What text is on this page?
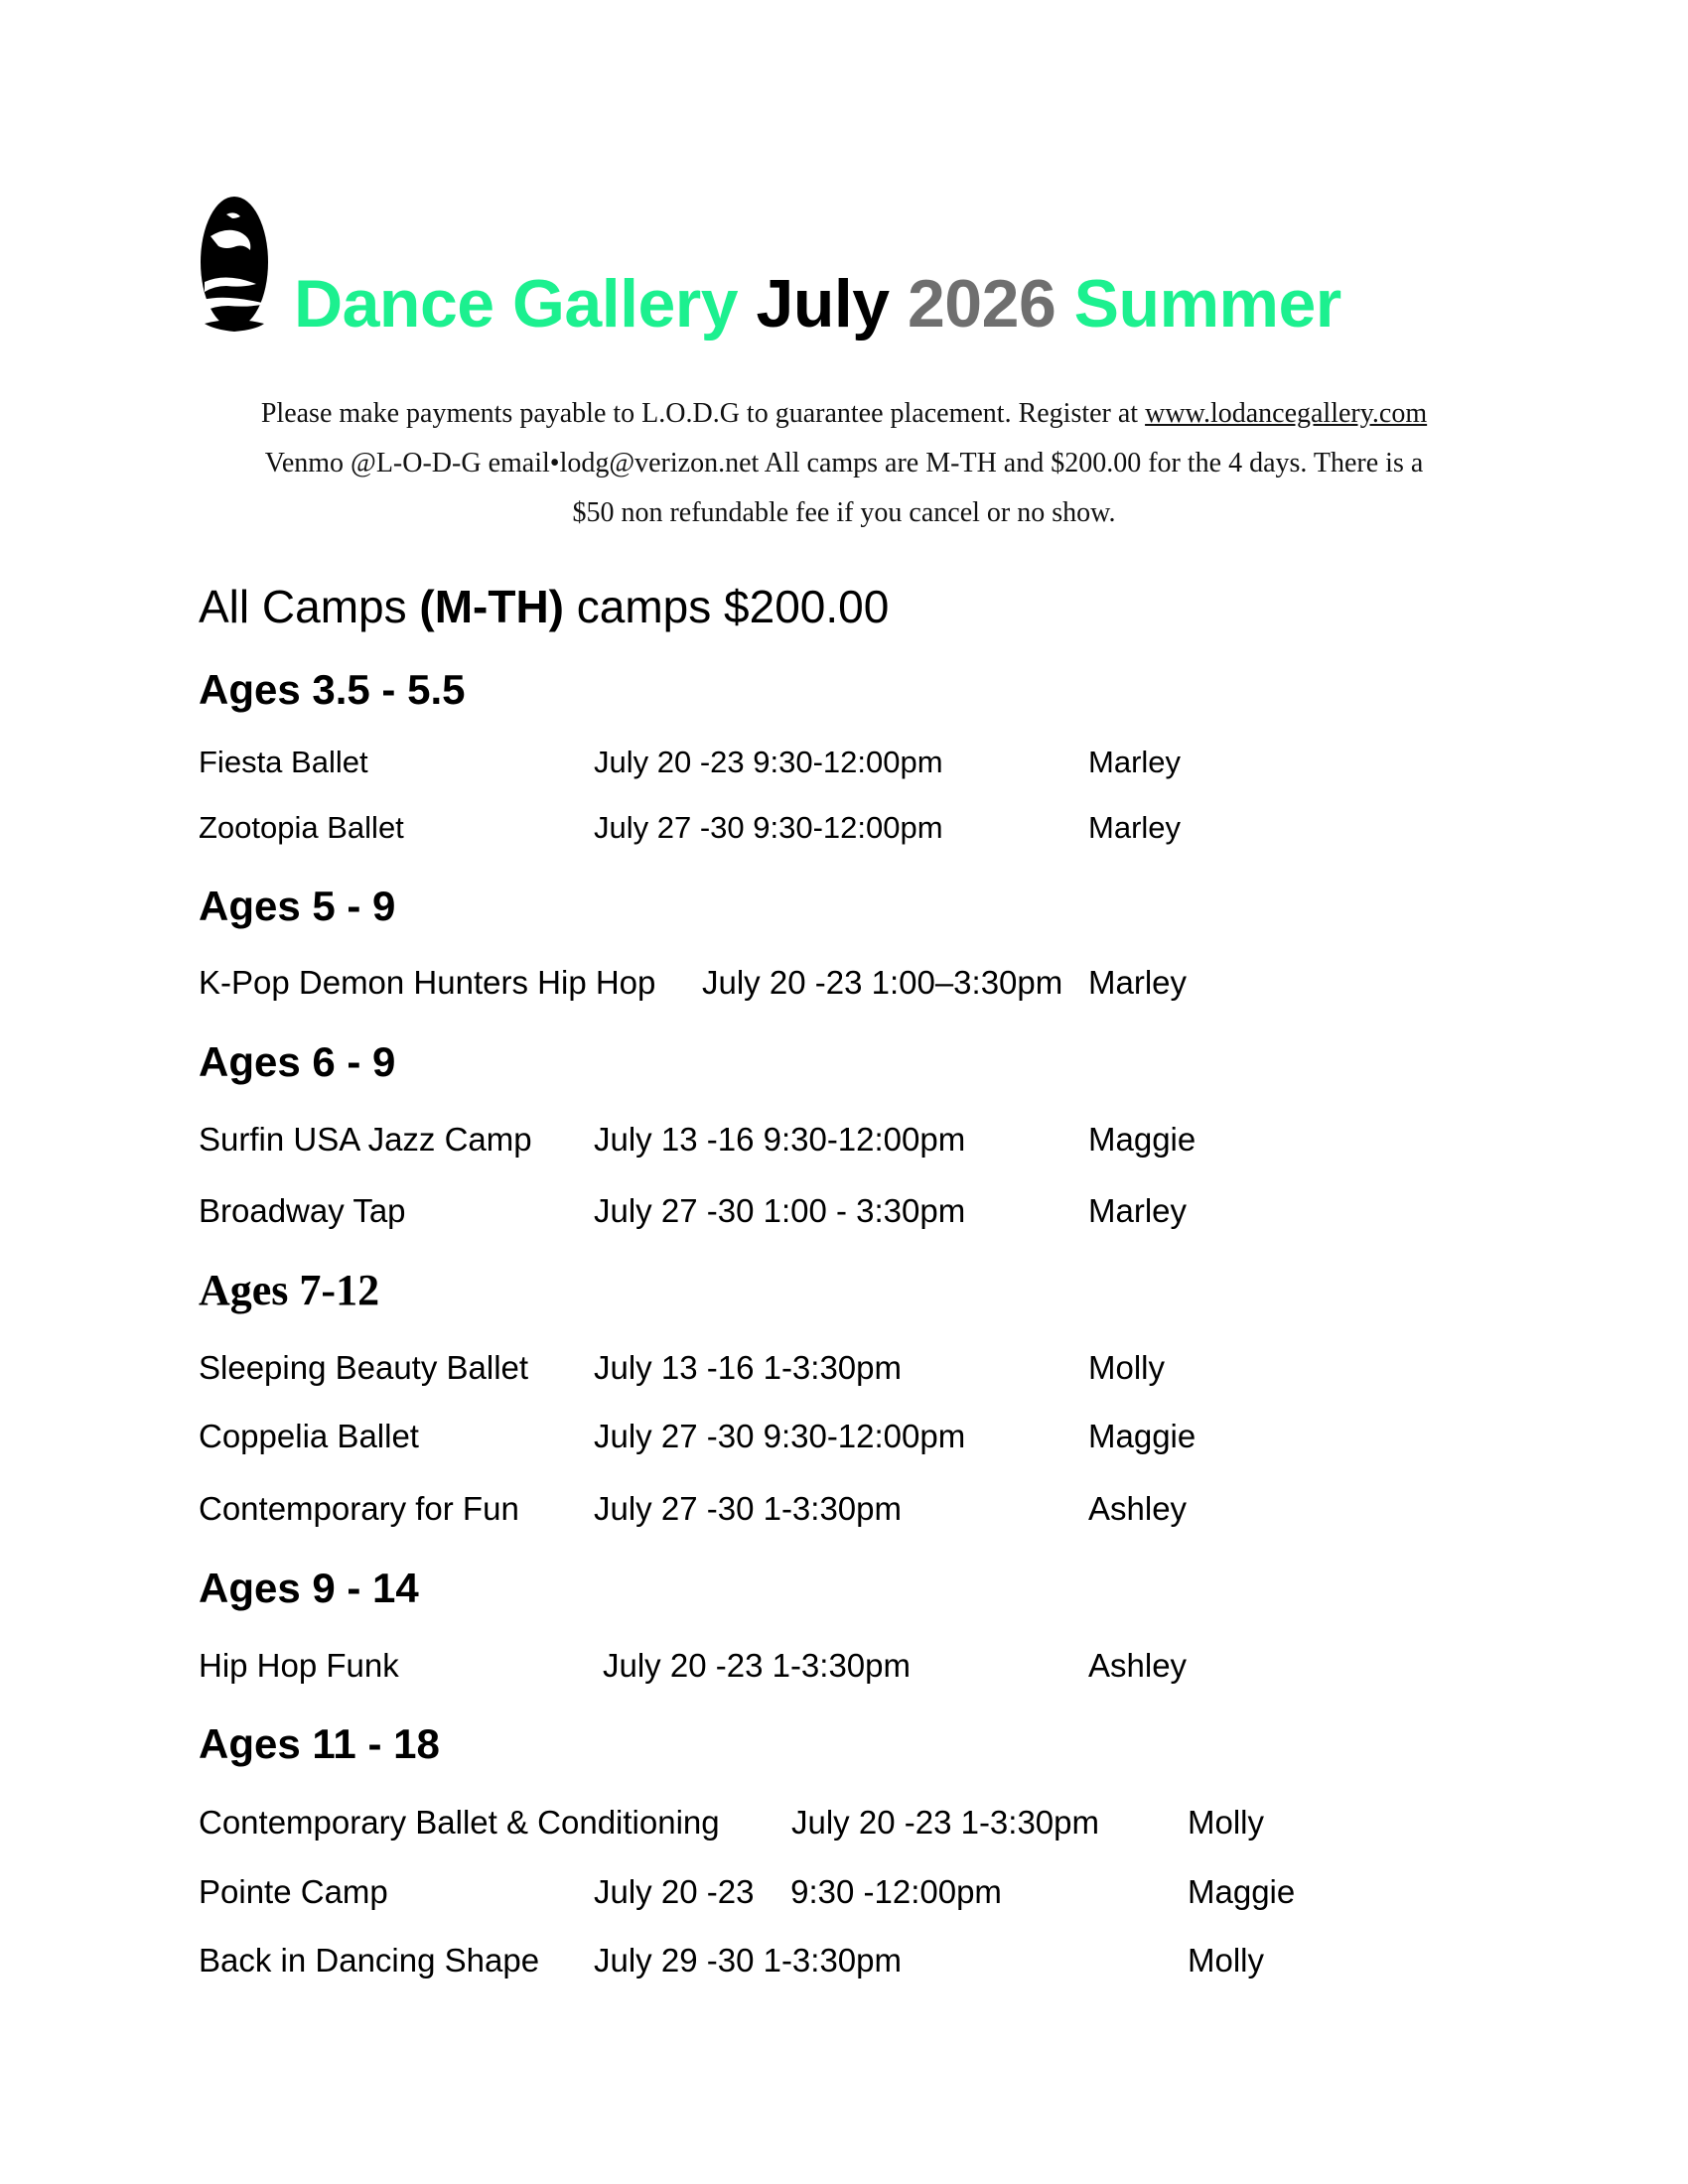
Dance Gallery July 2026 Summer
Please make payments payable to L.O.D.G to guarantee placement. Register at www.lodancegallery.com
Venmo @L-O-D-G email•lodg@verizon.net All camps are M-TH and $200.00 for the 4 days. There is a
$50 non refundable fee if you cancel or no show.
All Camps (M-TH) camps $200.00
Ages 3.5 - 5.5
Fiesta Ballet	July 20 -23 9:30-12:00pm	Marley
Zootopia Ballet	July 27 -30 9:30-12:00pm	Marley
Ages 5 - 9
K-Pop Demon Hunters Hip Hop July 20 -23 1:00–3:30pm Marley
Ages 6 - 9
Surfin USA Jazz Camp July 13 -16 9:30-12:00pm	Maggie
Broadway Tap	July 27 -30 1:00 - 3:30pm	Marley
Ages 7-12
Sleeping Beauty Ballet July 13 -16 1-3:30pm	Molly
Coppelia Ballet	July 27 -30 9:30-12:00pm	Maggie
Contemporary for Fun July 27 -30 1-3:30pm	Ashley
Ages 9 - 14
Hip Hop Funk	July 20 -23 1-3:30pm	Ashley
Ages 11 - 18
Contemporary Ballet & Conditioning July 20 -23 1-3:30pm	Molly
Pointe Camp	July 20 -23    9:30 -12:00pm	Maggie
Back in Dancing Shape July 29 -30 1-3:30pm	Molly
